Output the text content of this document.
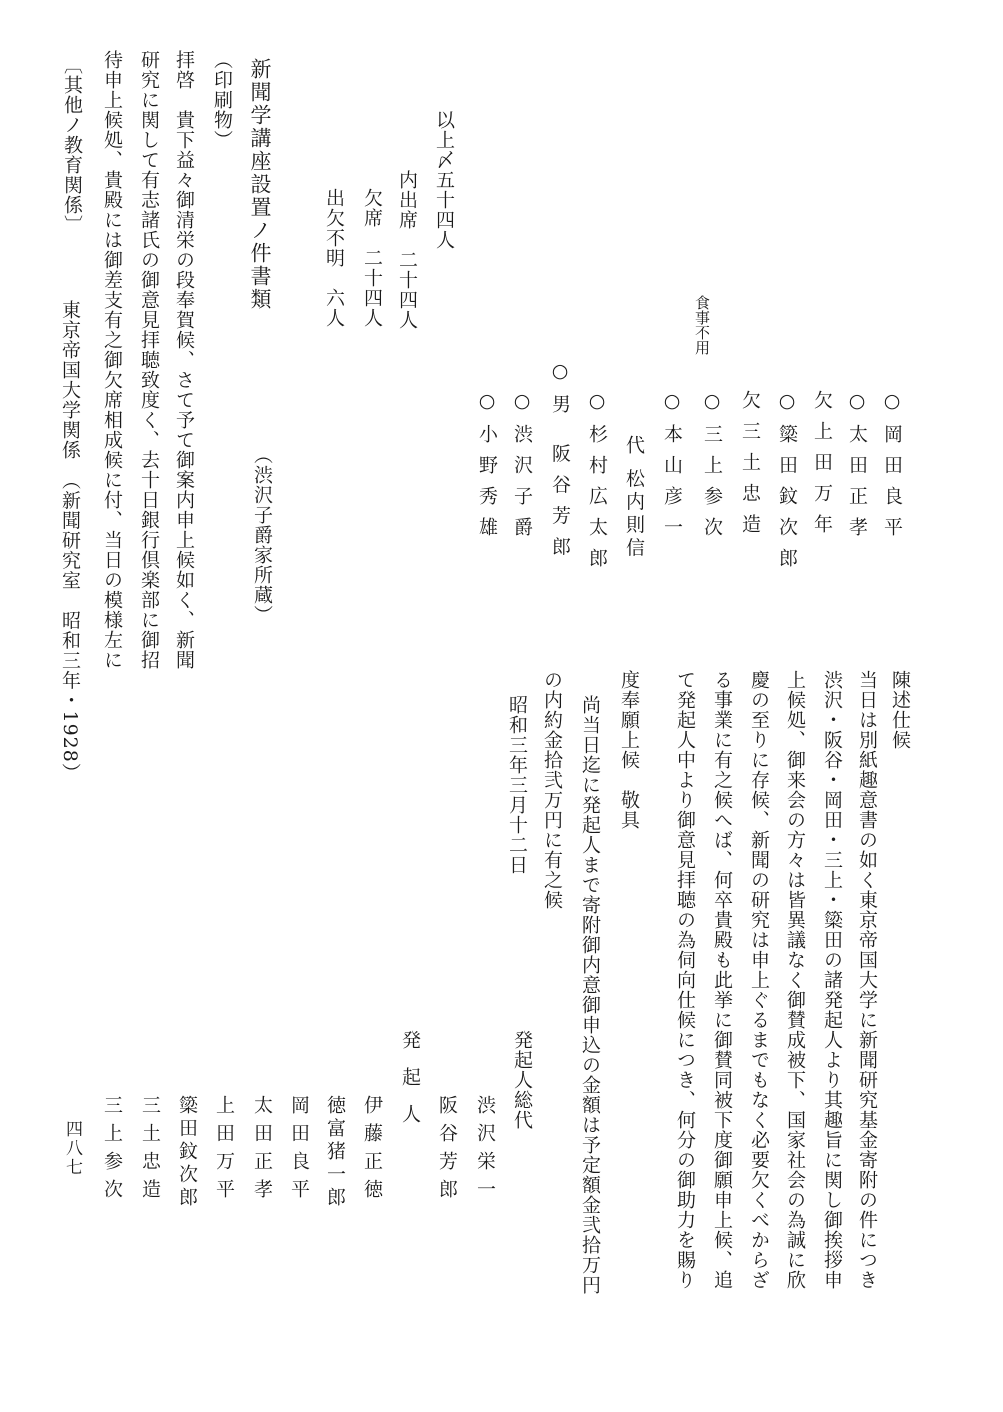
○岡田良平
○太田正孝
欠上田万年
○簗田鈫次郎
欠三土忠造
○三上参次
○本山彦一
代 松内則信
○杉村広太郎
○男 阪谷芳郎
○渋沢子爵
○小野秀雄
食事不用
以上〆五十四人
内出席　二十四人
欠席　二十四人
出欠不明　六人
新聞学講座設置ノ件書類
（渋沢子爵家所蔵）
（印刷物）
拝啓　貴下益々御清栄の段奉賀候、さて予て御案内申上候如く、新聞
研究に関して有志諸氏の御意見拝聴致度く、去十日銀行倶楽部に御招
待申上候処、貴殿には御差支有之御欠席相成候に付、当日の模様左に
〔其他ノ教育関係〕
東京帝国大学関係　（新聞研究室　昭和三年・1928）	陳述仕候
当日は別紙趣意書の如く東京帝国大学に新聞研究基金寄附の件につき
渋沢・阪谷・岡田・三上・簗田の諸発起人より其趣旨に関し御挨拶申
上候処、御来会の方々は皆異議なく御賛成被下、国家社会の為誠に欣
慶の至りに存候、新聞の研究は申上ぐるまでもなく必要欠くべからざ
る事業に有之候へば、何卒貴殿も此挙に御賛同被下度御願申上候、追
て発起人中より御意見拝聴の為伺向仕候につき、何分の御助力を賜り
度奉願上候　敬具
尚当日迄に発起人まで寄附御内意御申込の金額は予定額金弐拾万円
の内約金拾弐万円に有之候
昭和三年三月十二日
発起人総代
渋沢栄一
阪谷芳郎
発起人
伊藤正徳
徳富猪一郎
岡田良平
太田正孝
上田万平
簗田鈫次郎
三土忠造
三上参次
四八七
